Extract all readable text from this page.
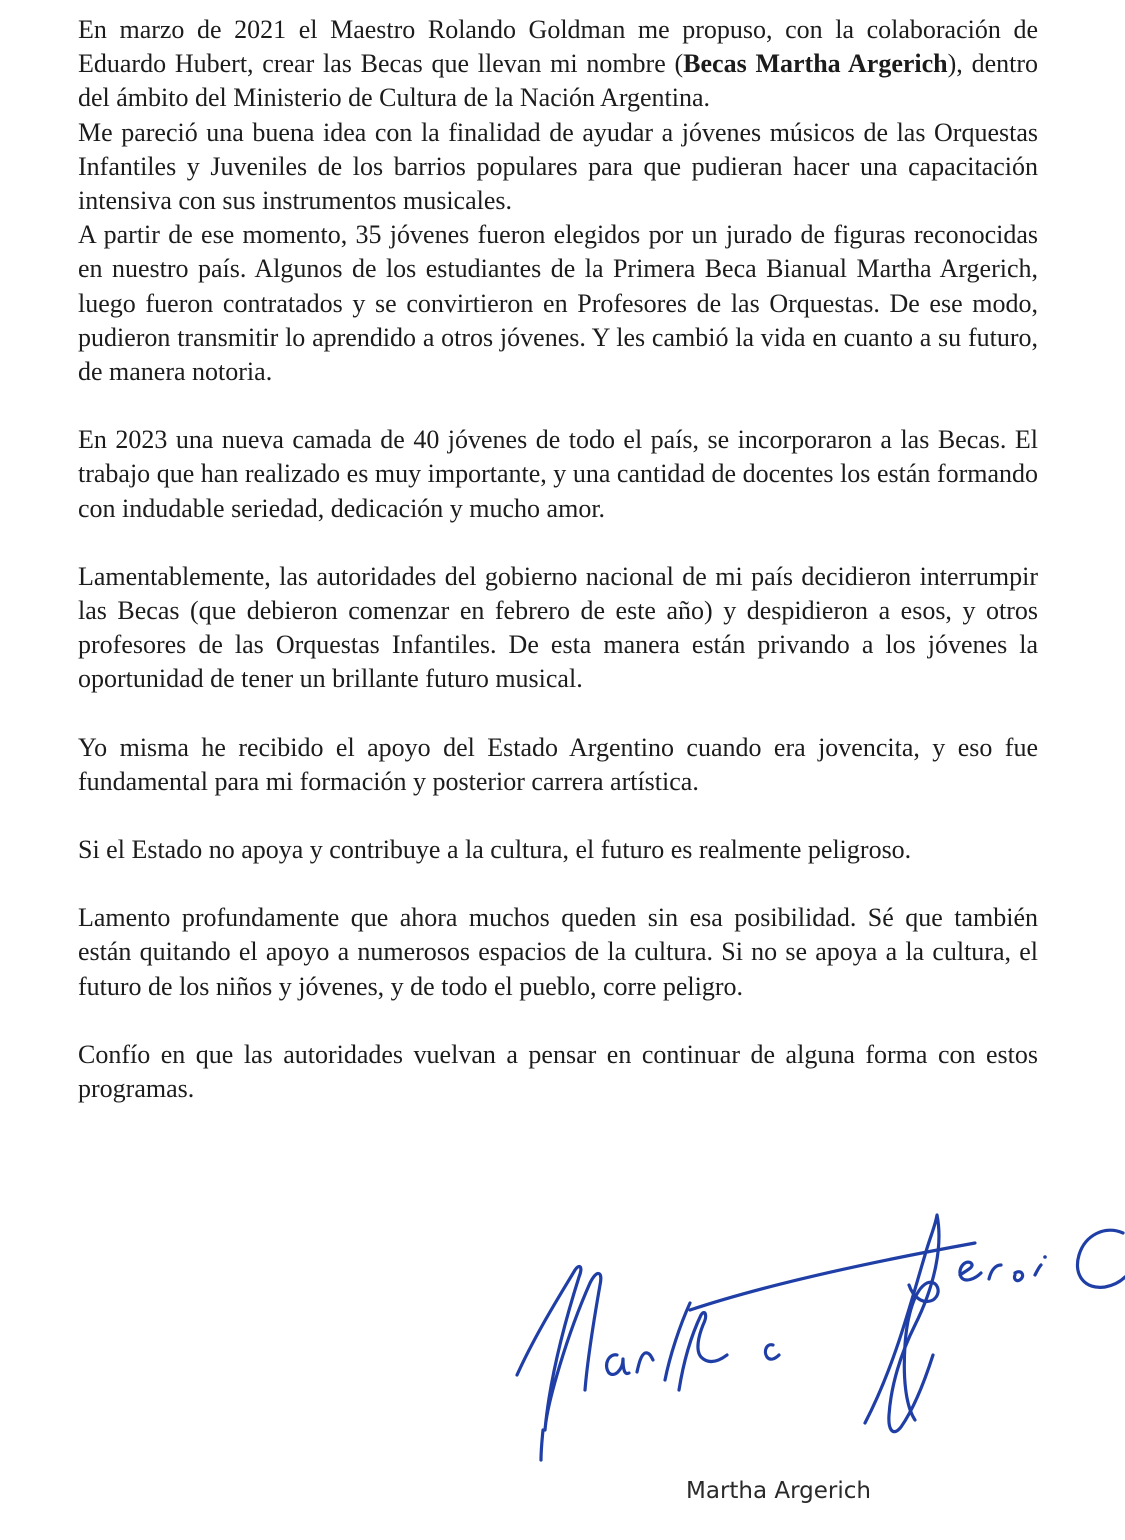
En marzo de 2021 el Maestro Rolando Goldman me propuso, con la colaboración de Eduardo Hubert, crear las Becas que llevan mi nombre (Becas Martha Argerich), dentro del ámbito del Ministerio de Cultura de la Nación Argentina.

Me pareció una buena idea con la finalidad de ayudar a jóvenes músicos de las Orquestas Infantiles y Juveniles de los barrios populares para que pudieran hacer una capacitación intensiva con sus instrumentos musicales.

A partir de ese momento, 35 jóvenes fueron elegidos por un jurado de figuras reconocidas en nuestro país. Algunos de los estudiantes de la Primera Beca Bianual Martha Argerich, luego fueron contratados y se convirtieron en Profesores de las Orquestas. De ese modo, pudieron transmitir lo aprendido a otros jóvenes. Y les cambió la vida en cuanto a su futuro, de manera notoria.

En 2023 una nueva camada de 40 jóvenes de todo el país, se incorporaron a las Becas. El trabajo que han realizado es muy importante, y una cantidad de docentes los están formando con indudable seriedad, dedicación y mucho amor.

Lamentablemente, las autoridades del gobierno nacional de mi país decidieron interrumpir las Becas (que debieron comenzar en febrero de este año) y despidieron a esos, y otros profesores de las Orquestas Infantiles. De esta manera están privando a los jóvenes la oportunidad de tener un brillante futuro musical.

Yo misma he recibido el apoyo del Estado Argentino cuando era jovencita, y eso fue fundamental para mi formación y posterior carrera artística.

Si el Estado no apoya y contribuye a la cultura, el futuro es realmente peligroso.

Lamento profundamente que ahora muchos queden sin esa posibilidad. Sé que también están quitando el apoyo a numerosos espacios de la cultura. Si no se apoya a la cultura, el futuro de los niños y jóvenes, y de todo el pueblo, corre peligro.

Confío en que las autoridades vuelvan a pensar en continuar de alguna forma con estos programas.

Martha Argerich
